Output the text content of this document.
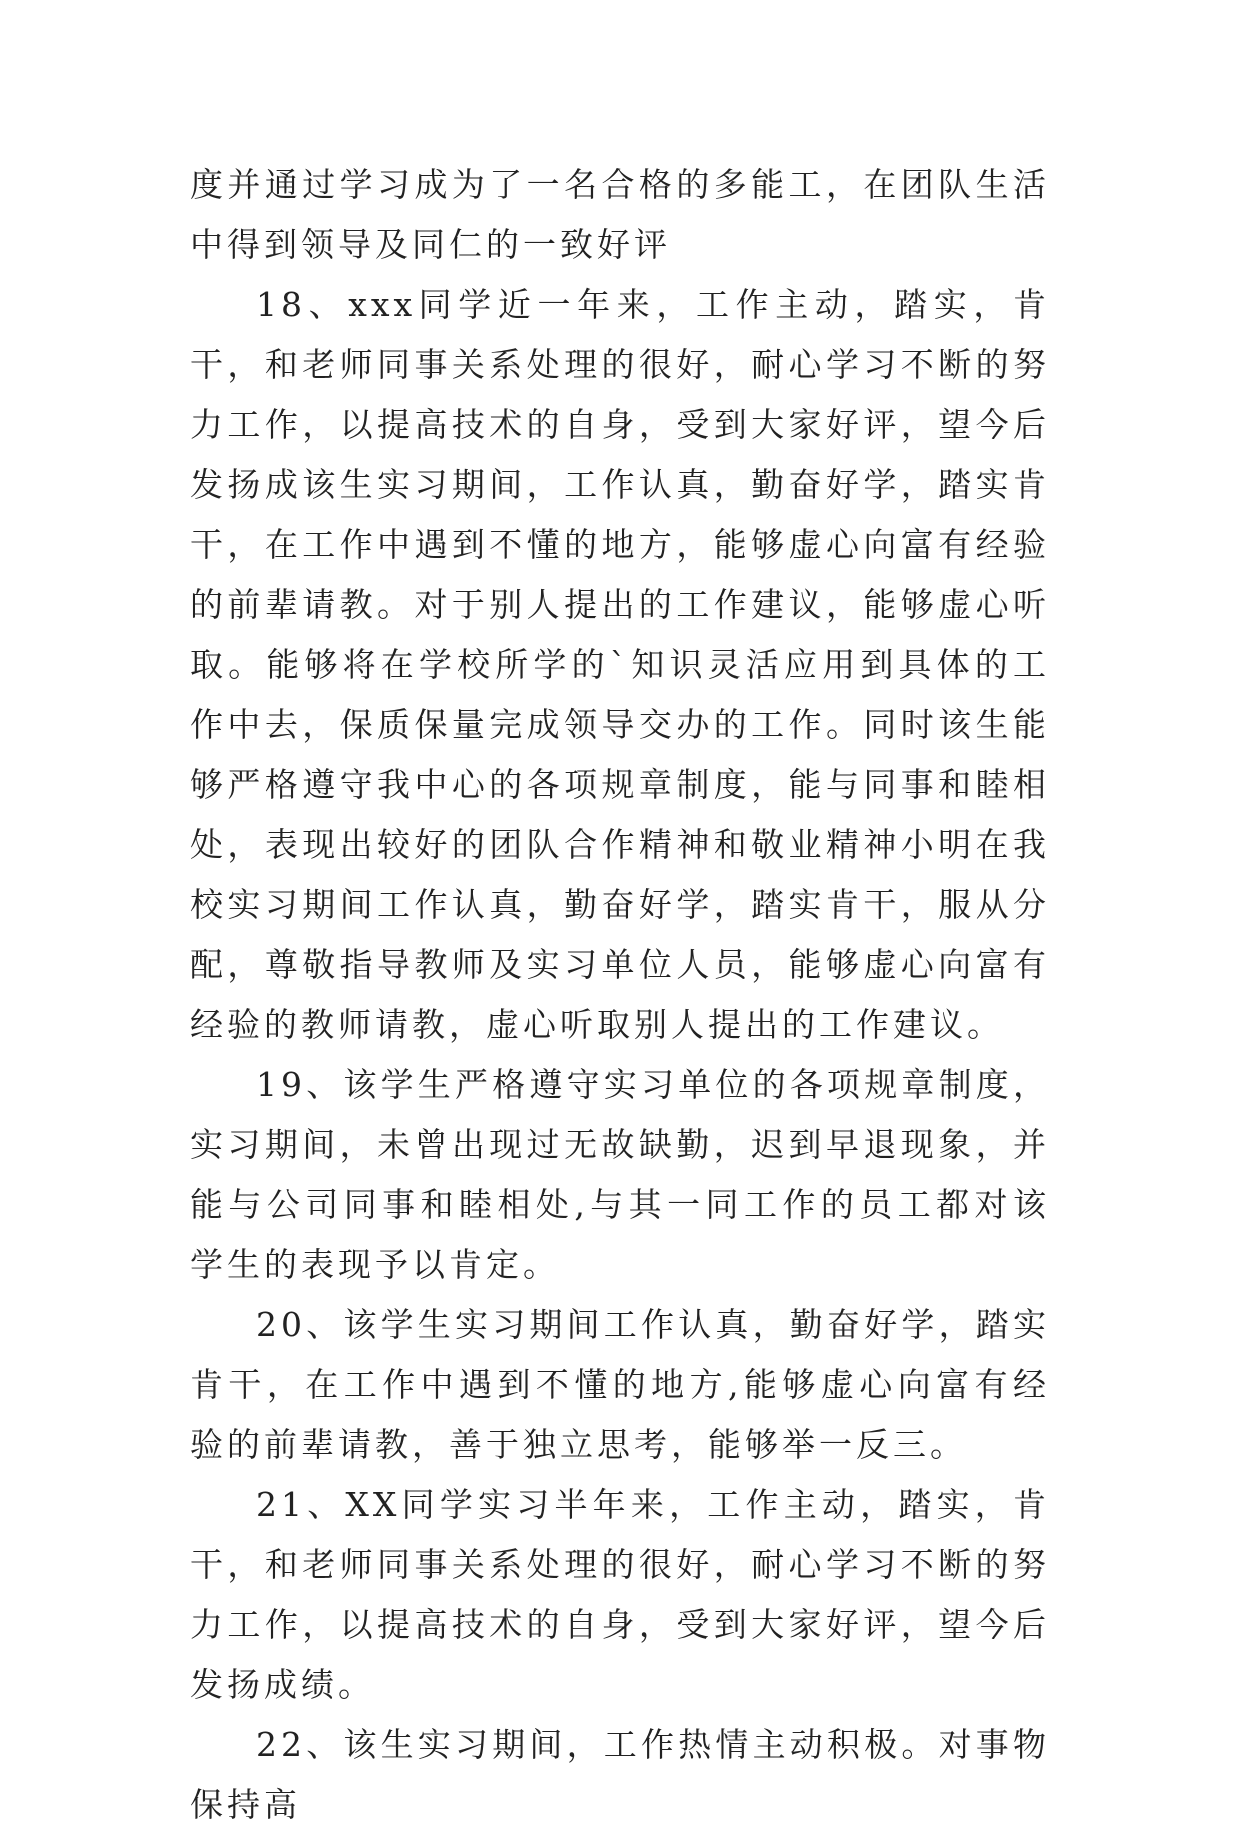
度并通过学习成为了一名合格的多能工，在团队生活中得到领导及同仁的一致好评

18、xxx同学近一年来，工作主动，踏实，肯干，和老师同事关系处理的很好，耐心学习不断的努力工作，以提高技术的自身，受到大家好评，望今后发扬成该生实习期间，工作认真，勤奋好学，踏实肯干，在工作中遇到不懂的地方，能够虚心向富有经验的前辈请教。对于别人提出的工作建议，能够虚心听取。能够将在学校所学的`知识灵活应用到具体的工作中去，保质保量完成领导交办的工作。同时该生能够严格遵守我中心的各项规章制度，能与同事和睦相处，表现出较好的团队合作精神和敬业精神小明在我校实习期间工作认真，勤奋好学，踏实肯干，服从分配，尊敬指导教师及实习单位人员，能够虚心向富有经验的教师请教，虚心听取别人提出的工作建议。

19、该学生严格遵守实习单位的各项规章制度，实习期间，未曾出现过无故缺勤，迟到早退现象，并能与公司同事和睦相处,与其一同工作的员工都对该学生的表现予以肯定。

20、该学生实习期间工作认真，勤奋好学，踏实肯干，在工作中遇到不懂的地方,能够虚心向富有经验的前辈请教，善于独立思考，能够举一反三。

21、XX同学实习半年来，工作主动，踏实，肯干，和老师同事关系处理的很好，耐心学习不断的努力工作，以提高技术的自身，受到大家好评，望今后发扬成绩。

22、该生实习期间，工作热情主动积极。对事物保持高
